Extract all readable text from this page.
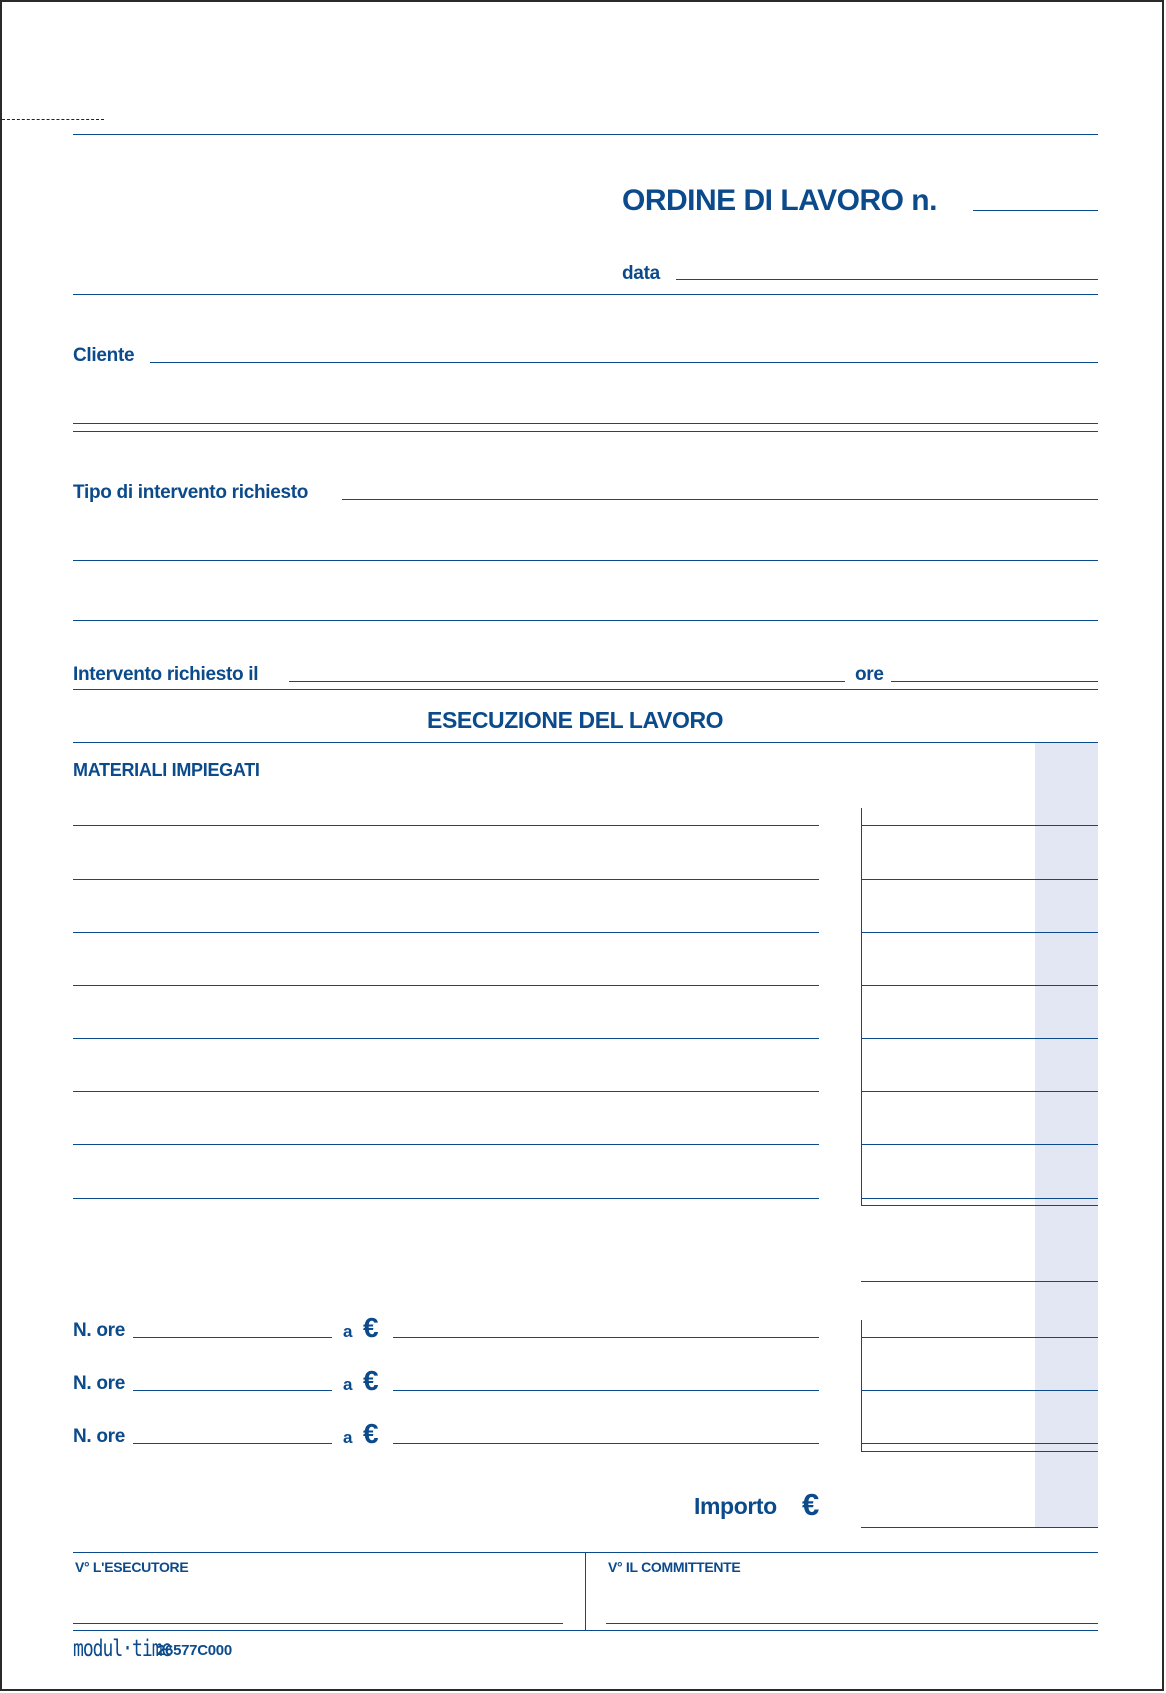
ORDINE DI LAVORO n.
data
Cliente
Tipo di intervento richiesto
Intervento richiesto il	ore
ESECUZIONE DEL LAVORO
MATERIALI IMPIEGATI
N. ore	a €
N. ore	a €
N. ore	a €
Importo €
V° L'ESECUTORE	V° IL COMMITTENTE
modul·time
26577C000
